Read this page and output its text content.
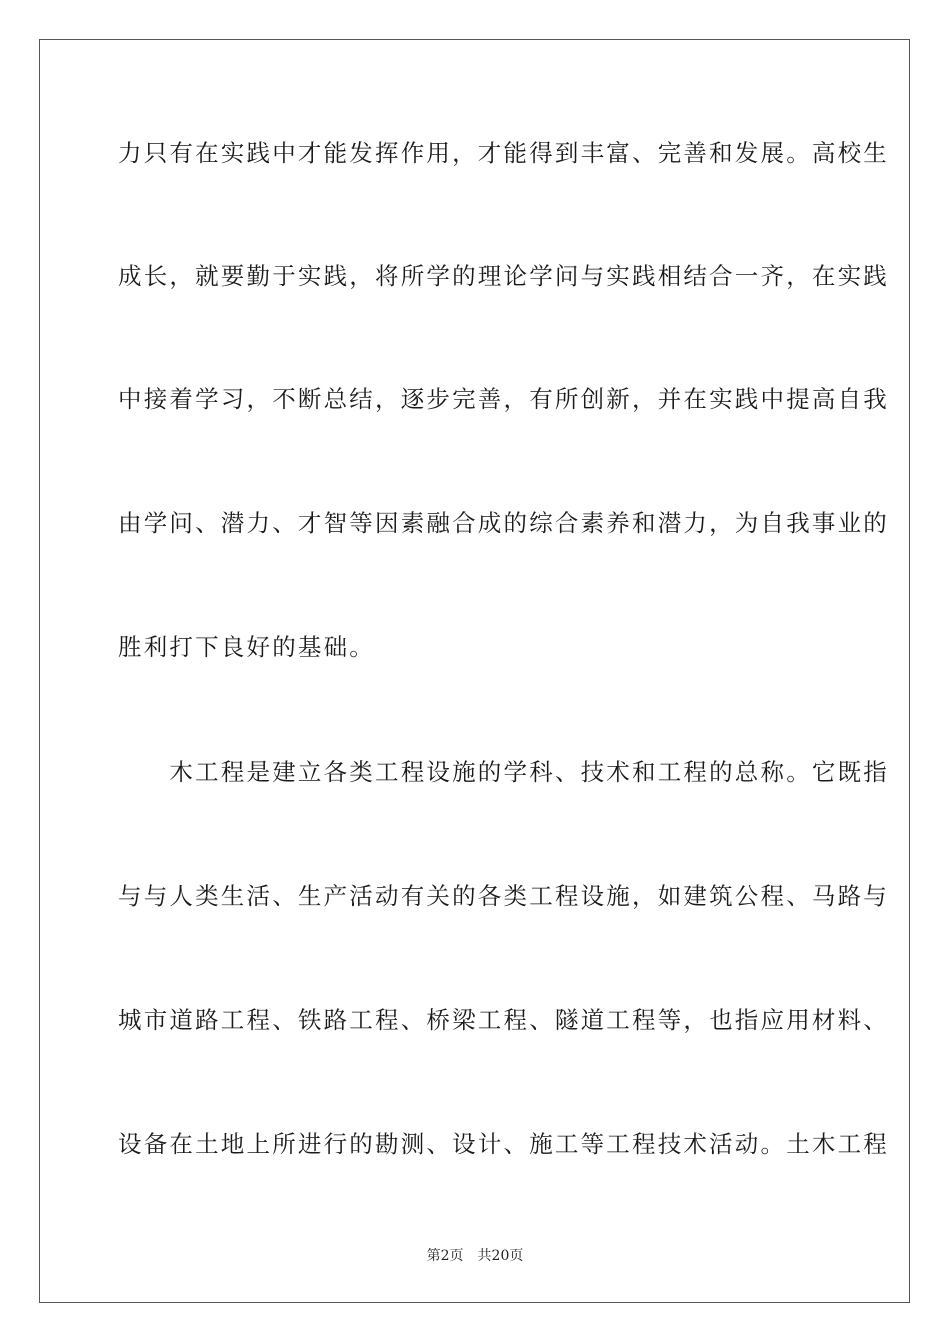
力只有在实践中才能发挥作用，才能得到丰富、完善和发展。高校生

成长，就要勤于实践，将所学的理论学问与实践相结合一齐，在实践

中接着学习，不断总结，逐步完善，有所创新，并在实践中提高自我

由学问、潜力、才智等因素融合成的综合素养和潜力，为自我事业的

胜利打下良好的基础。

　　木工程是建立各类工程设施的学科、技术和工程的总称。它既指

与与人类生活、生产活动有关的各类工程设施，如建筑公程、马路与

城市道路工程、铁路工程、桥梁工程、隧道工程等，也指应用材料、

设备在土地上所进行的勘测、设计、施工等工程技术活动。土木工程

第2页 共20页
